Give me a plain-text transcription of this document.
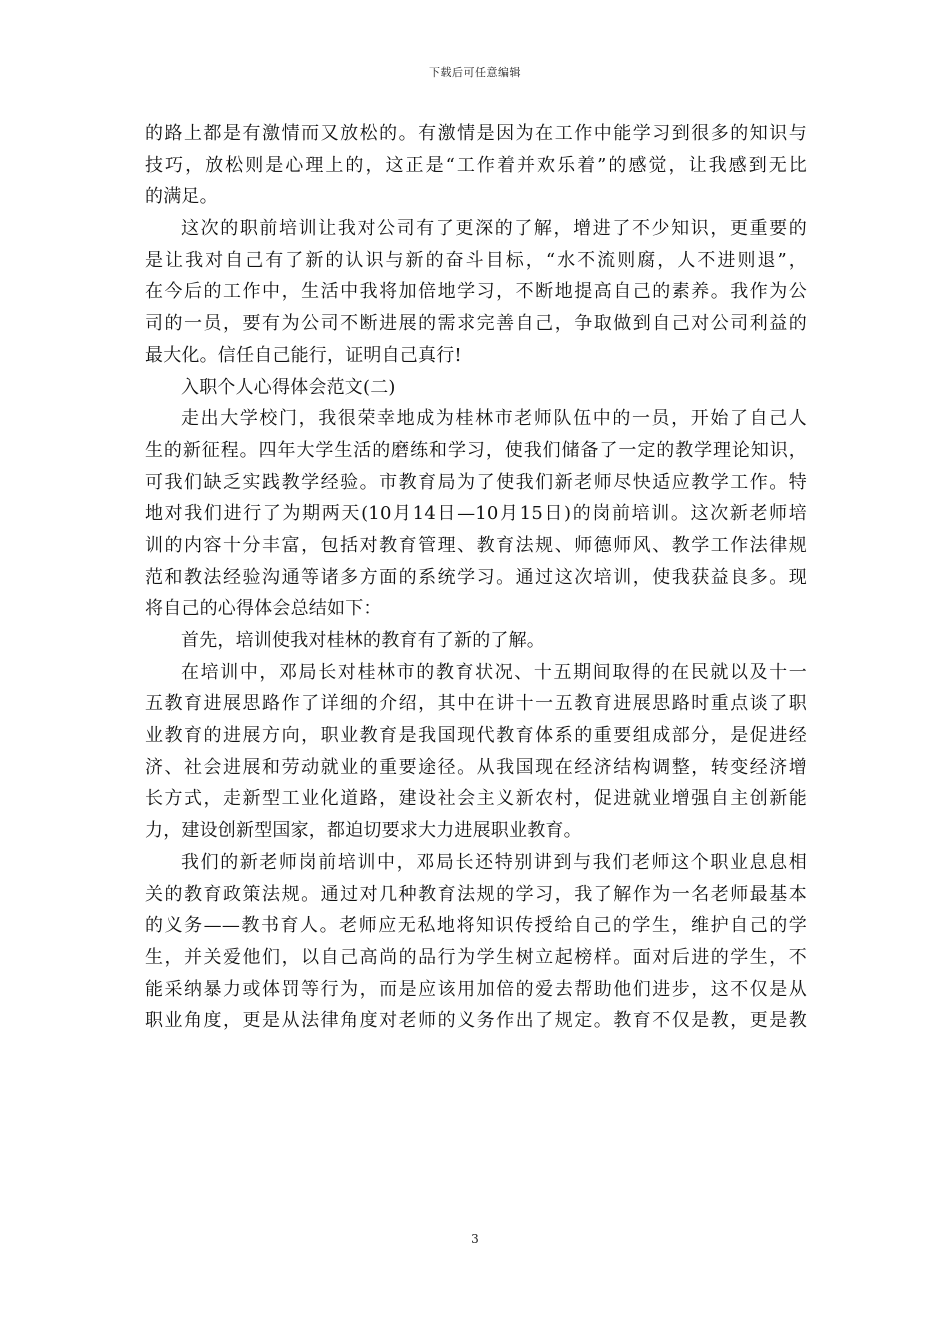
下载后可任意编辑
的路上都是有激情而又放松的。有激情是因为在工作中能学习到很多的知识与
技巧，放松则是心理上的，这正是“工作着并欢乐着”的感觉，让我感到无比
的满足。
这次的职前培训让我对公司有了更深的了解，增进了不少知识，更重要的
是让我对自己有了新的认识与新的奋斗目标，“水不流则腐，人不进则退”，
在今后的工作中，生活中我将加倍地学习，不断地提高自己的素养。我作为公
司的一员，要有为公司不断进展的需求完善自己，争取做到自己对公司利益的
最大化。信任自己能行，证明自己真行!
入职个人心得体会范文(二)
走出大学校门，我很荣幸地成为桂林市老师队伍中的一员，开始了自己人
生的新征程。四年大学生活的磨练和学习，使我们储备了一定的教学理论知识，
可我们缺乏实践教学经验。市教育局为了使我们新老师尽快适应教学工作。特
地对我们进行了为期两天(10月14日—10月15日)的岗前培训。这次新老师培
训的内容十分丰富，包括对教育管理、教育法规、师德师风、教学工作法律规
范和教法经验沟通等诸多方面的系统学习。通过这次培训，使我获益良多。现
将自己的心得体会总结如下：
首先，培训使我对桂林的教育有了新的了解。
在培训中，邓局长对桂林市的教育状况、十五期间取得的在民就以及十一
五教育进展思路作了详细的介绍，其中在讲十一五教育进展思路时重点谈了职
业教育的进展方向，职业教育是我国现代教育体系的重要组成部分，是促进经
济、社会进展和劳动就业的重要途径。从我国现在经济结构调整，转变经济增
长方式，走新型工业化道路，建设社会主义新农村，促进就业增强自主创新能
力，建设创新型国家，都迫切要求大力进展职业教育。
我们的新老师岗前培训中，邓局长还特别讲到与我们老师这个职业息息相
关的教育政策法规。通过对几种教育法规的学习，我了解作为一名老师最基本
的义务——教书育人。老师应无私地将知识传授给自己的学生，维护自己的学
生，并关爱他们，以自己高尚的品行为学生树立起榜样。面对后进的学生，不
能采纳暴力或体罚等行为，而是应该用加倍的爱去帮助他们进步，这不仅是从
职业角度，更是从法律角度对老师的义务作出了规定。教育不仅是教，更是教
3
